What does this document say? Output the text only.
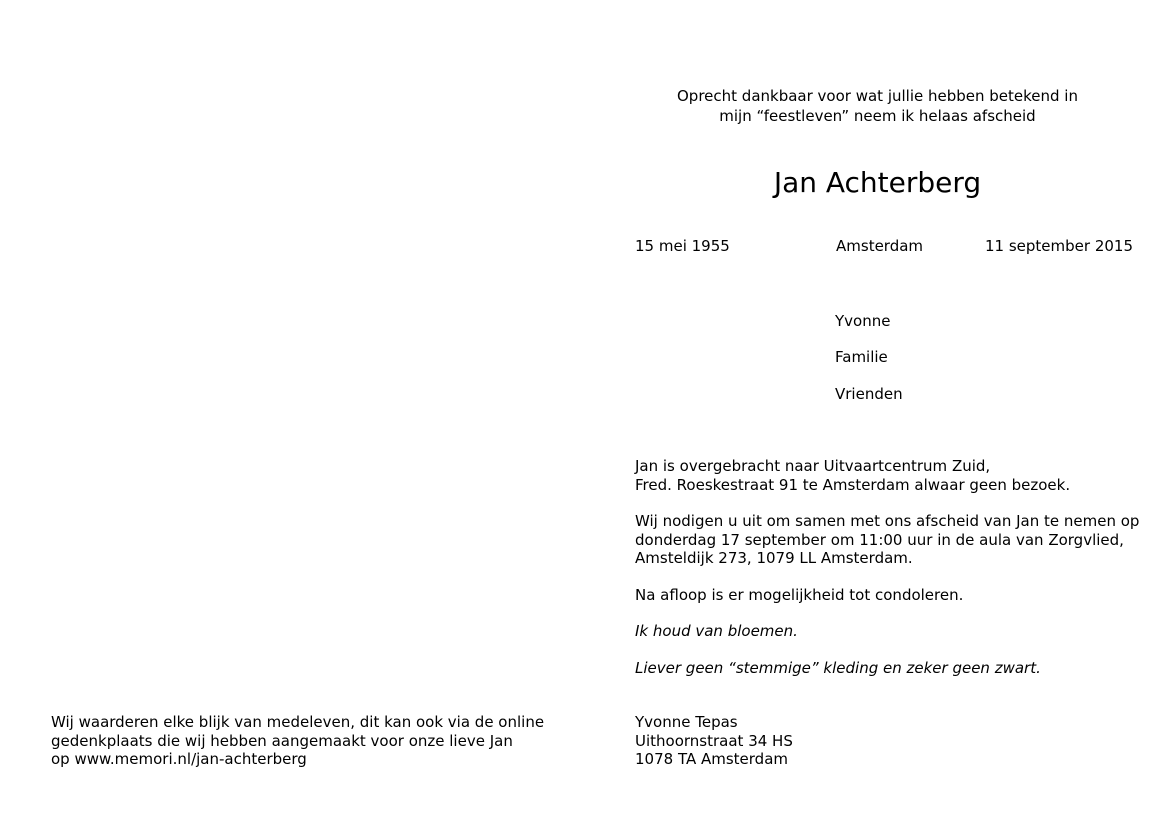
Oprecht dankbaar voor wat jullie hebben betekend in
mijn “feestleven” neem ik helaas afscheid
Jan Achterberg
15 mei 1955	Amsterdam	11 september 2015
Yvonne
Familie
Vrienden
Jan is overgebracht naar Uitvaartcentrum Zuid,
Fred. Roeskestraat 91 te Amsterdam alwaar geen bezoek.
Wij nodigen u uit om samen met ons afscheid van Jan te nemen op
donderdag 17 september om 11:00 uur in de aula van Zorgvlied,
Amsteldijk 273, 1079 LL Amsterdam.
Na afloop is er mogelijkheid tot condoleren.
Ik houd van bloemen.
Liever geen “stemmige” kleding en zeker geen zwart.
Wij waarderen elke blijk van medeleven, dit kan ook via de online
gedenkplaats die wij hebben aangemaakt voor onze lieve Jan
op www.memori.nl/jan-achterberg
Yvonne Tepas
Uithoornstraat 34 HS
1078 TA Amsterdam
